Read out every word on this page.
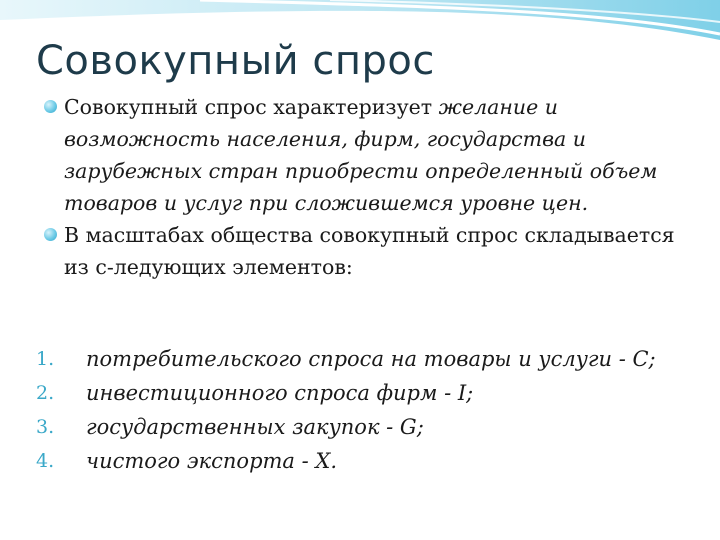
Совокупный спрос
Совокупный спрос характеризует желание и возможность населения, фирм, государства и зарубежных стран приобрести определенный объем товаров и услуг при сложившемся уровне цен.
В масштабах общества совокупный спрос складывается из с-ледующих элементов:
1. потребительского спроса на товары и услуги - C;
2. инвестиционного спроса фирм - I;
3. государственных закупок - G;
4. чистого экспорта - X.
